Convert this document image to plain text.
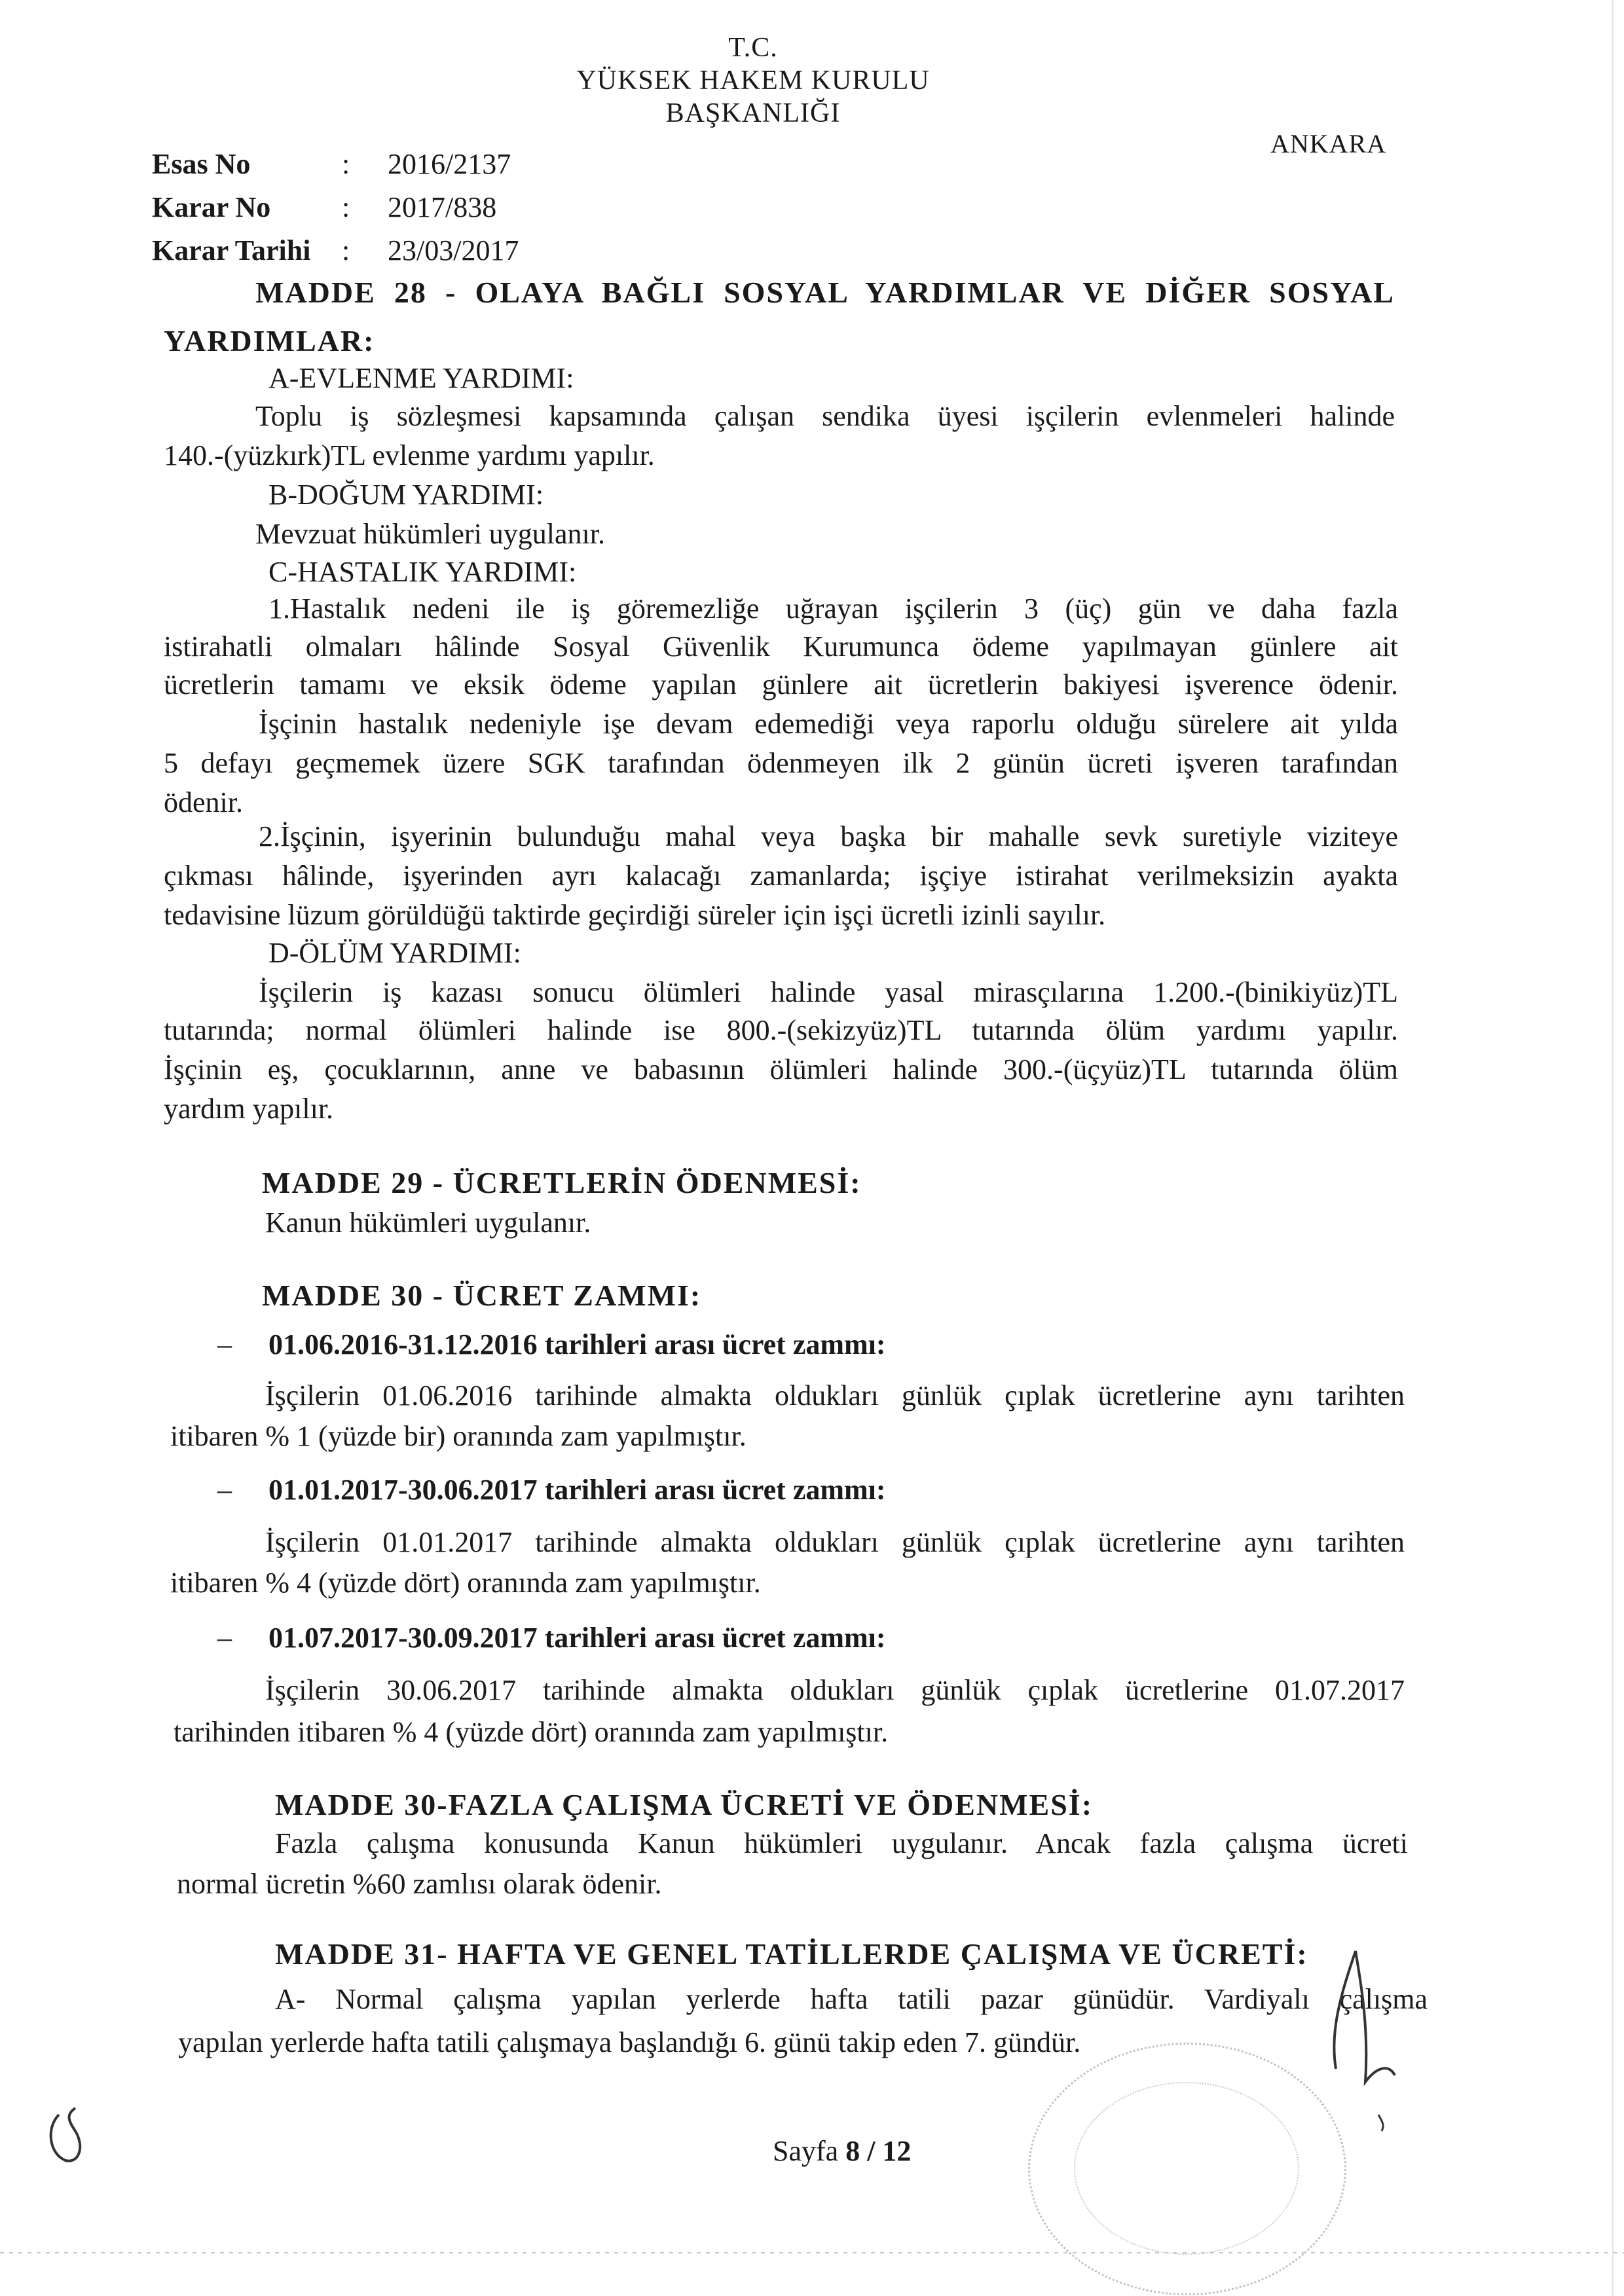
T.C.
YÜKSEK HAKEM KURULU
BAŞKANLIĞI
ANKARA
Esas No	:	2016/2137
Karar No	:	2017/838
Karar Tarihi	:	23/03/2017
MADDE 28 - OLAYA BAĞLI SOSYAL YARDIMLAR VE DİĞER SOSYAL
YARDIMLAR:
A-EVLENME YARDIMI:
Toplu iş sözleşmesi kapsamında çalışan sendika üyesi işçilerin evlenmeleri halinde
140.-(yüzkırk)TL evlenme yardımı yapılır.
B-DOĞUM YARDIMI:
Mevzuat hükümleri uygulanır.
C-HASTALIK YARDIMI:
1.Hastalık nedeni ile iş göremezliğe uğrayan işçilerin 3 (üç) gün ve daha fazla
istirahatli olmaları hâlinde Sosyal Güvenlik Kurumunca ödeme yapılmayan günlere ait
ücretlerin tamamı ve eksik ödeme yapılan günlere ait ücretlerin bakiyesi işverence ödenir.
İşçinin hastalık nedeniyle işe devam edemediği veya raporlu olduğu sürelere ait yılda
5 defayı geçmemek üzere SGK tarafından ödenmeyen ilk 2 günün ücreti işveren tarafından
ödenir.
2.İşçinin, işyerinin bulunduğu mahal veya başka bir mahalle sevk suretiyle viziteye
çıkması hâlinde, işyerinden ayrı kalacağı zamanlarda; işçiye istirahat verilmeksizin ayakta
tedavisine lüzum görüldüğü taktirde geçirdiği süreler için işçi ücretli izinli sayılır.
D-ÖLÜM YARDIMI:
İşçilerin iş kazası sonucu ölümleri halinde yasal mirasçılarına 1.200.-(binikiyüz)TL
tutarında; normal ölümleri halinde ise 800.-(sekizyüz)TL tutarında ölüm yardımı yapılır.
İşçinin eş, çocuklarının, anne ve babasının ölümleri halinde 300.-(üçyüz)TL tutarında ölüm
yardım yapılır.
MADDE 29 - ÜCRETLERİN ÖDENMESİ:
Kanun hükümleri uygulanır.
MADDE 30 - ÜCRET ZAMMI:
– 01.06.2016-31.12.2016 tarihleri arası ücret zammı:
İşçilerin 01.06.2016 tarihinde almakta oldukları günlük çıplak ücretlerine aynı tarihten
itibaren % 1 (yüzde bir) oranında zam yapılmıştır.
– 01.01.2017-30.06.2017 tarihleri arası ücret zammı:
İşçilerin 01.01.2017 tarihinde almakta oldukları günlük çıplak ücretlerine aynı tarihten
itibaren % 4 (yüzde dört) oranında zam yapılmıştır.
– 01.07.2017-30.09.2017 tarihleri arası ücret zammı:
İşçilerin 30.06.2017 tarihinde almakta oldukları günlük çıplak ücretlerine 01.07.2017
tarihinden itibaren % 4 (yüzde dört) oranında zam yapılmıştır.
MADDE 30-FAZLA ÇALIŞMA ÜCRETİ VE ÖDENMESİ:
Fazla çalışma konusunda Kanun hükümleri uygulanır. Ancak fazla çalışma ücreti
normal ücretin %60 zamlısı olarak ödenir.
MADDE 31- HAFTA VE GENEL TATİLLERDE ÇALIŞMA VE ÜCRETİ:
A- Normal çalışma yapılan yerlerde hafta tatili pazar günüdür. Vardiyalı çalışma
yapılan yerlerde hafta tatili çalışmaya başlandığı 6. günü takip eden 7. gündür.
Sayfa 8 / 12
